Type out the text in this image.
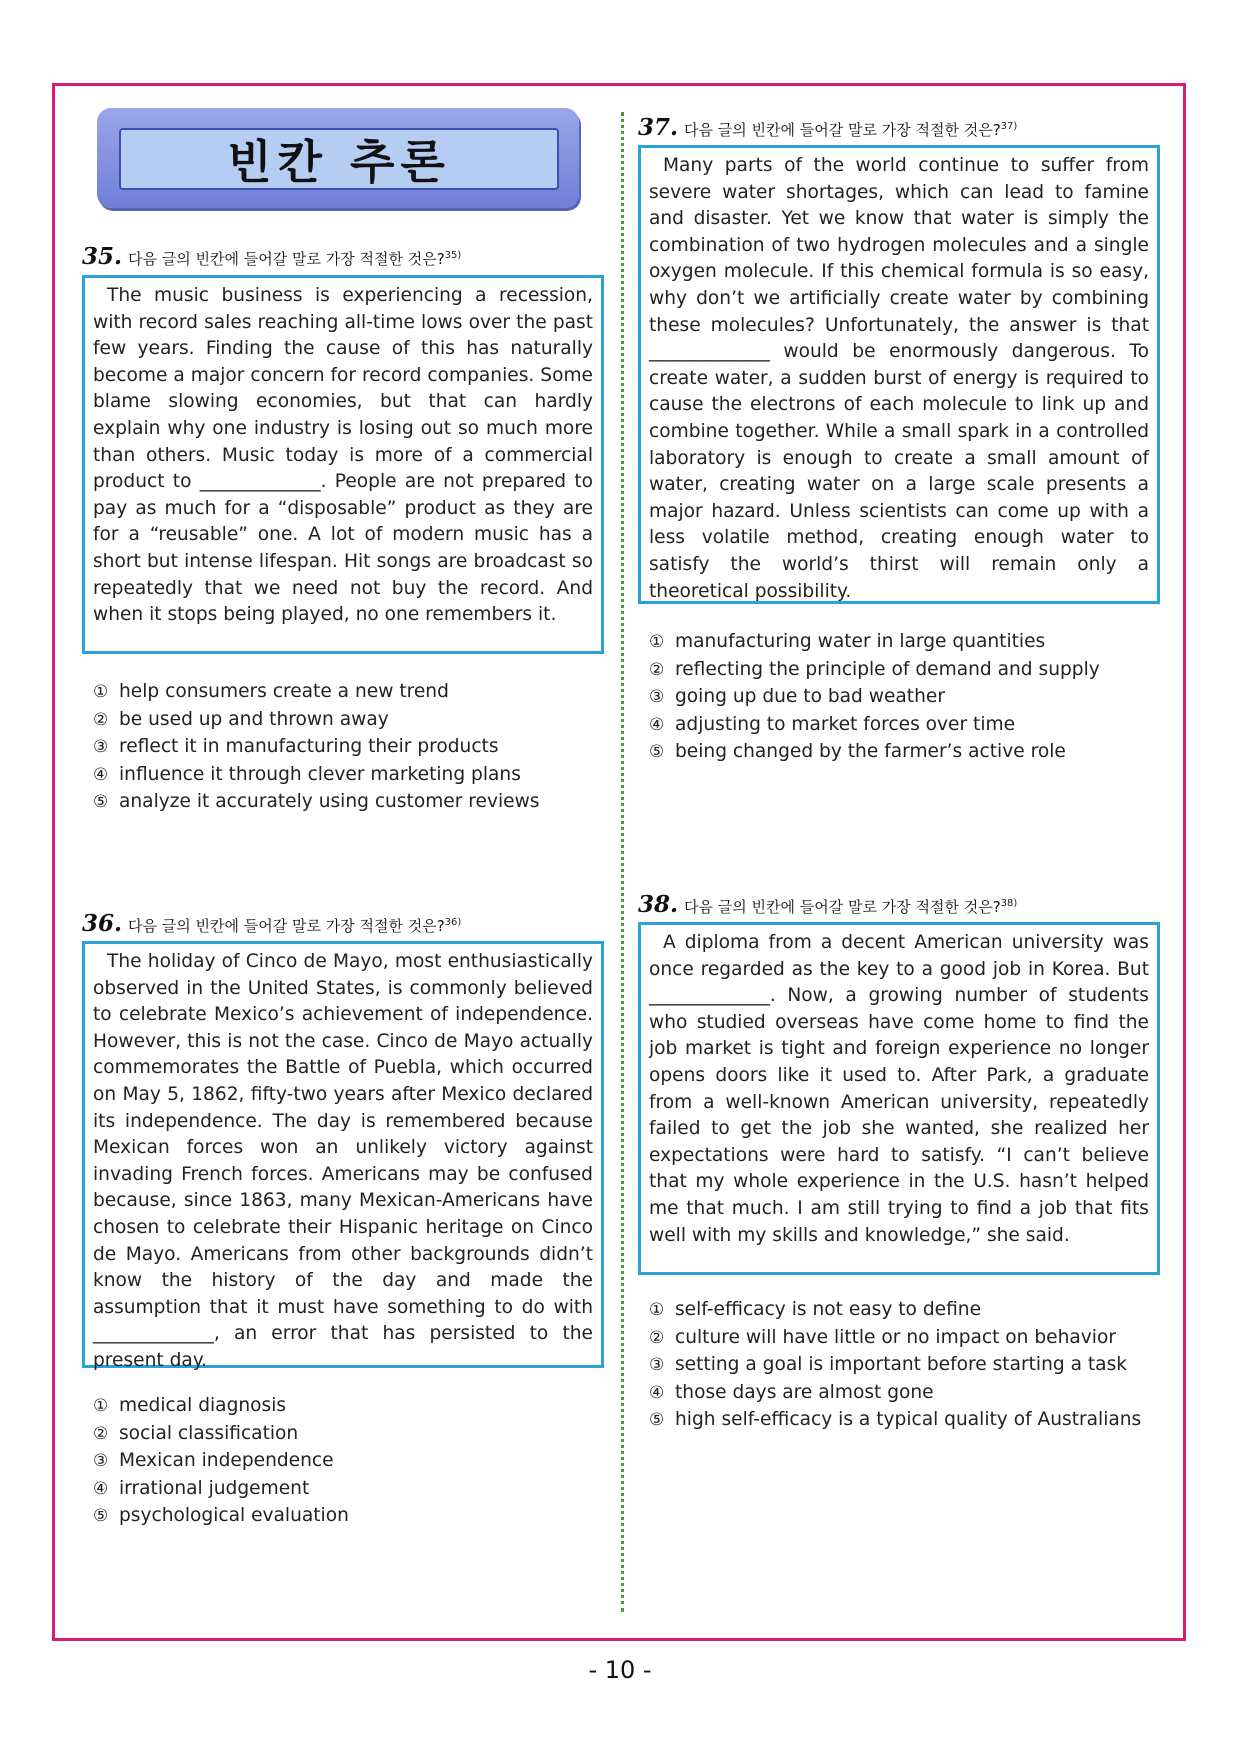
빈칸 추론
35. 다음 글의 빈칸에 들어갈 말로 가장 적절한 것은?$^{35)}$

The music business is experiencing a recession, with record sales reaching all-time lows over the past few years. Finding the cause of this has naturally become a major concern for record companies. Some blame slowing economies, but that can hardly explain why one industry is losing out so much more than others. Music today is more of a commercial product to _____________. People are not prepared to pay as much for a “disposable” product as they are for a “reusable” one. A lot of modern music has a short but intense lifespan. Hit songs are broadcast so repeatedly that we need not buy the record. And when it stops being played, no one remembers it.

① help consumers create a new trend
② be used up and thrown away
③ reflect it in manufacturing their products
④ influence it through clever marketing plans
⑤ analyze it accurately using customer reviews
36. 다음 글의 빈칸에 들어갈 말로 가장 적절한 것은?$^{36)}$

The holiday of Cinco de Mayo, most enthusiastically observed in the United States, is commonly believed to celebrate Mexico’s achievement of independence. However, this is not the case. Cinco de Mayo actually commemorates the Battle of Puebla, which occurred on May 5, 1862, fifty-two years after Mexico declared its independence. The day is remembered because Mexican forces won an unlikely victory against invading French forces. Americans may be confused because, since 1863, many Mexican-Americans have chosen to celebrate their Hispanic heritage on Cinco de Mayo. Americans from other backgrounds didn’t know the history of the day and made the assumption that it must have something to do with _____________, an error that has persisted to the present day.

① medical diagnosis
② social classification
③ Mexican independence
④ irrational judgement
⑤ psychological evaluation
37. 다음 글의 빈칸에 들어갈 말로 가장 적절한 것은?$^{37)}$

Many parts of the world continue to suffer from severe water shortages, which can lead to famine and disaster. Yet we know that water is simply the combination of two hydrogen molecules and a single oxygen molecule. If this chemical formula is so easy, why don’t we artificially create water by combining these molecules? Unfortunately, the answer is that _____________ would be enormously dangerous. To create water, a sudden burst of energy is required to cause the electrons of each molecule to link up and combine together. While a small spark in a controlled laboratory is enough to create a small amount of water, creating water on a large scale presents a major hazard. Unless scientists can come up with a less volatile method, creating enough water to satisfy the world’s thirst will remain only a theoretical possibility.

① manufacturing water in large quantities
② reflecting the principle of demand and supply
③ going up due to bad weather
④ adjusting to market forces over time
⑤ being changed by the farmer’s active role
38. 다음 글의 빈칸에 들어갈 말로 가장 적절한 것은?$^{38)}$

A diploma from a decent American university was once regarded as the key to a good job in Korea. But _____________. Now, a growing number of students who studied overseas have come home to find the job market is tight and foreign experience no longer opens doors like it used to. After Park, a graduate from a well-known American university, repeatedly failed to get the job she wanted, she realized her expectations were hard to satisfy. “I can’t believe that my whole experience in the U.S. hasn’t helped me that much. I am still trying to find a job that fits well with my skills and knowledge,” she said.

① self-efficacy is not easy to define
② culture will have little or no impact on behavior
③ setting a goal is important before starting a task
④ those days are almost gone
⑤ high self-efficacy is a typical quality of Australians
- 10 -
